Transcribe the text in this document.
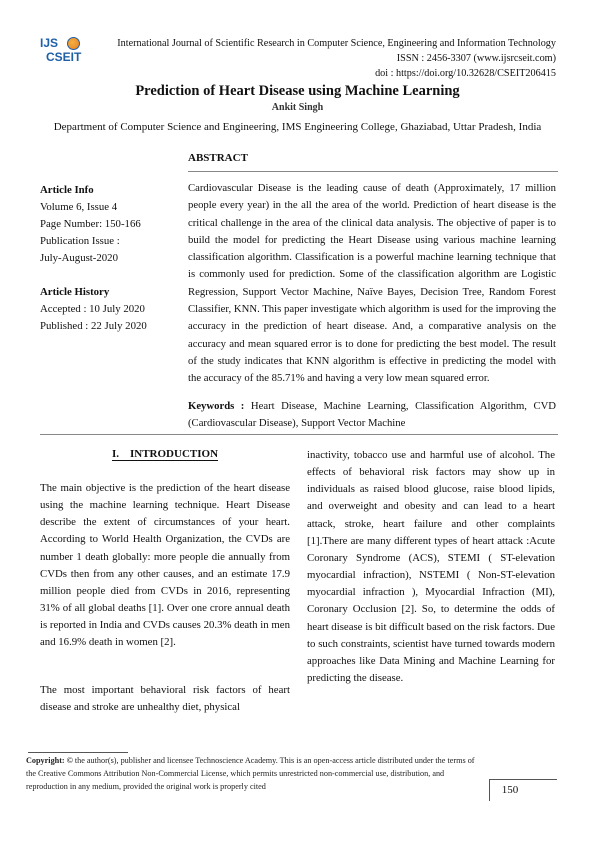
IJS
CSEIT
International Journal of Scientific Research in Computer Science, Engineering and Information Technology
ISSN : 2456-3307 (www.ijsrcseit.com)
doi : https://doi.org/10.32628/CSEIT206415
Prediction of Heart Disease using Machine Learning
Ankit Singh
Department of Computer Science and Engineering, IMS Engineering College, Ghaziabad, Uttar Pradesh, India
ABSTRACT
Article Info
Volume 6, Issue 4
Page Number: 150-166
Publication Issue :
July-August-2020
Article History
Accepted : 10 July 2020
Published : 22 July 2020
Cardiovascular Disease is the leading cause of death (Approximately, 17 million people every year) in the all the area of the world. Prediction of heart disease is the critical challenge in the area of the clinical data analysis. The objective of paper is to build the model for predicting the Heart Disease using various machine learning classification algorithm. Classification is a powerful machine learning technique that is commonly used for prediction. Some of the classification algorithm are Logistic Regression, Support Vector Machine, Naïve Bayes, Decision Tree, Random Forest Classifier, KNN. This paper investigate which algorithm is used for the improving the accuracy in the prediction of heart disease. And, a comparative analysis on the accuracy and mean squared error is to done for predicting the best model. The result of the study indicates that KNN algorithm is effective in predicting the model with the accuracy of the 85.71% and having a very low mean squared error.
Keywords : Heart Disease, Machine Learning, Classification Algorithm, CVD (Cardiovascular Disease), Support Vector Machine
I.    INTRODUCTION
The main objective is the prediction of the heart disease using the machine learning technique. Heart Disease describe the extent of circumstances of your heart. According to World Health Organization, the CVDs are number 1 death globally: more people die annually from CVDs then from any other causes, and an estimate 17.9 million people died from CVDs in 2016, representing 31% of all global deaths [1]. Over one crore annual death is reported in India and CVDs causes 20.3% death in men and 16.9% death in women [2].
The most important behavioral risk factors of heart disease and stroke are unhealthy diet, physical
inactivity, tobacco use and harmful use of alcohol. The effects of behavioral risk factors may show up in individuals as raised blood glucose, raise blood lipids, and overweight and obesity and can lead to a heart attack, stroke, heart failure and other complaints [1].There are many different types of heart attack :Acute Coronary Syndrome (ACS), STEMI ( ST-elevation myocardial infraction), NSTEMI ( Non-ST-elevation myocardial infraction ), Myocardial Infraction (MI), Coronary Occlusion [2]. So, to determine the odds of heart disease is bit difficult based on the risk factors. Due to such constraints, scientist have turned towards modern approaches like Data Mining and Machine Learning for predicting the disease.
Copyright: © the author(s), publisher and licensee Technoscience Academy. This is an open-access article distributed under the terms of the Creative Commons Attribution Non-Commercial License, which permits unrestricted non-commercial use, distribution, and reproduction in any medium, provided the original work is properly cited	150
